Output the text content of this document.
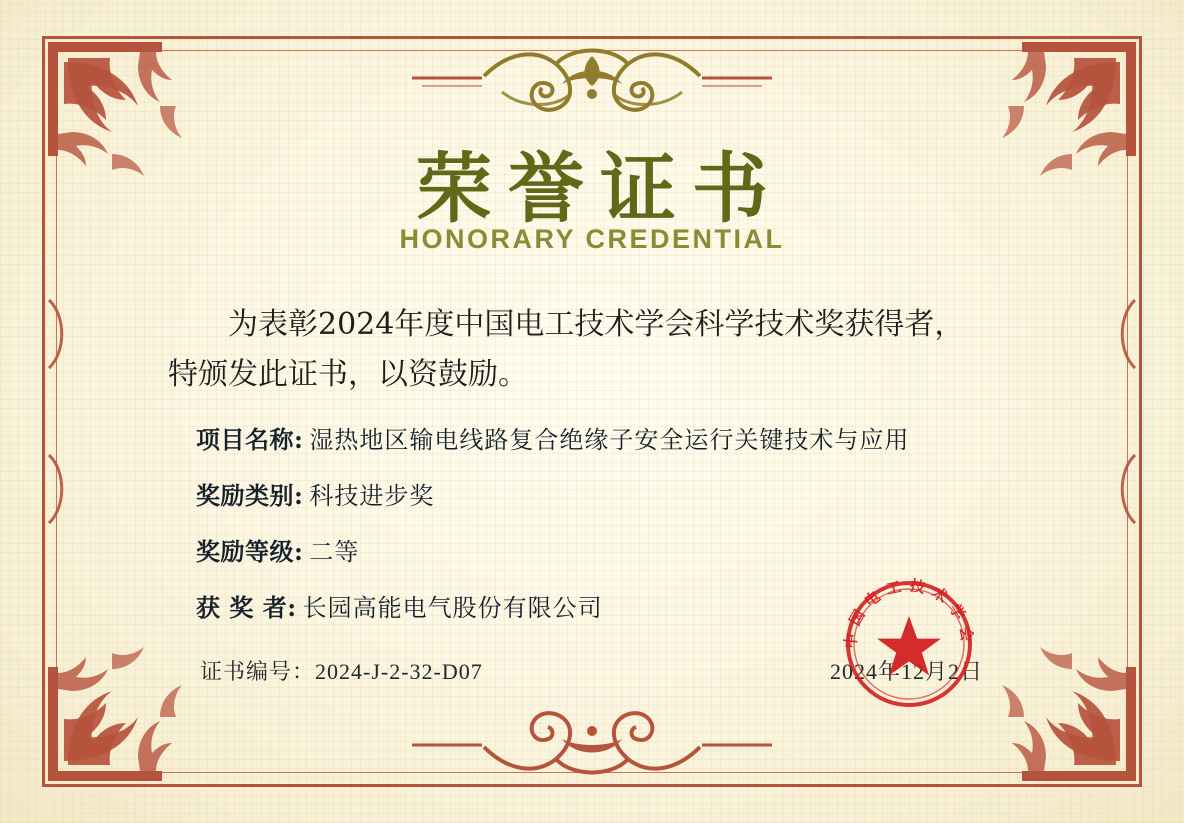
荣誉证书
HONORARY CREDENTIAL
为表彰2024年度中国电工技术学会科学技术奖获得者，
特颁发此证书，以资鼓励。
项目名称: 湿热地区输电线路复合绝缘子安全运行关键技术与应用
奖励类别: 科技进步奖
奖励等级: 二等
获 奖 者: 长园高能电气股份有限公司
证书编号：2024-J-2-32-D07	2024年12月2日
中国电工技术学会
